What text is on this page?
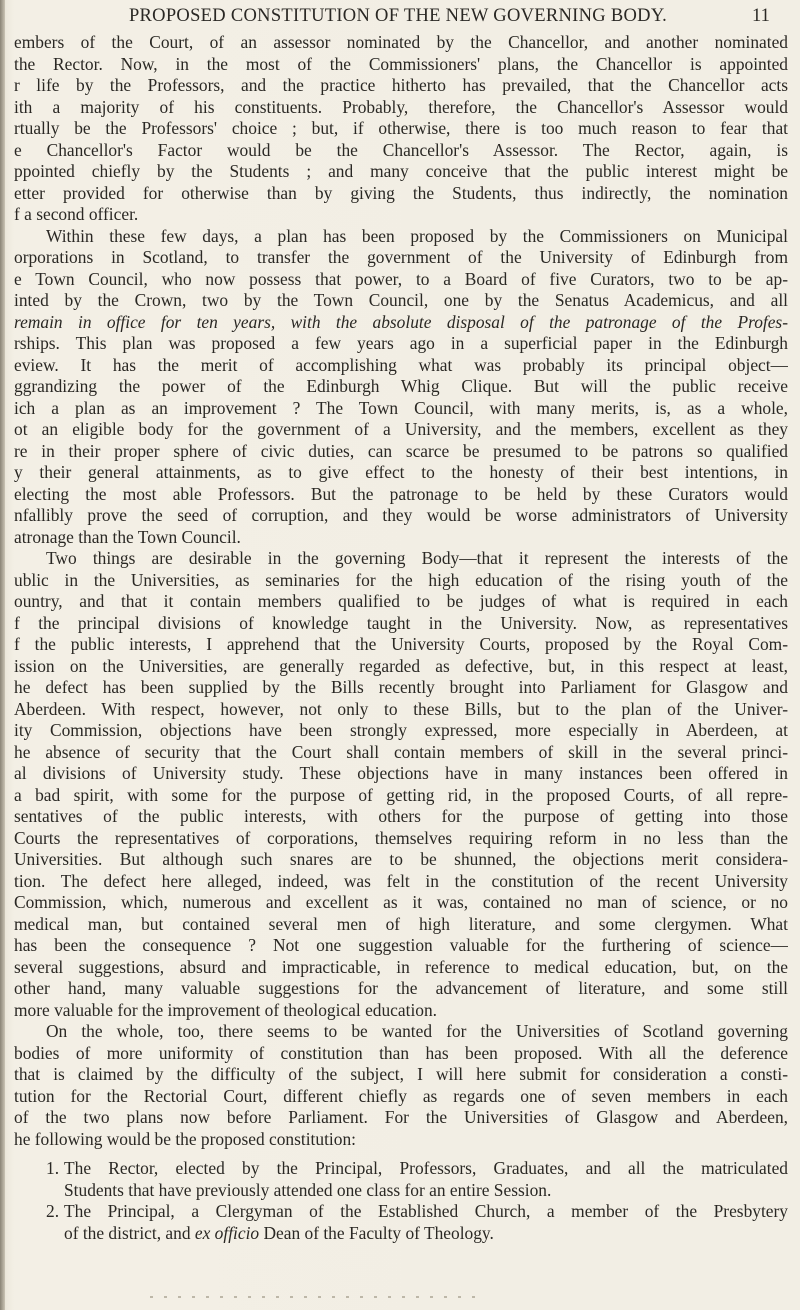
PROPOSED CONSTITUTION OF THE NEW GOVERNING BODY.	11
embers of the Court, of an assessor nominated by the Chancellor, and another nominated
the Rector. Now, in the most of the Commissioners' plans, the Chancellor is appointed
r life by the Professors, and the practice hitherto has prevailed, that the Chancellor acts
ith a majority of his constituents. Probably, therefore, the Chancellor's Assessor would
rtually be the Professors' choice ; but, if otherwise, there is too much reason to fear that
e Chancellor's Factor would be the Chancellor's Assessor. The Rector, again, is
ppointed chiefly by the Students ; and many conceive that the public interest might be
etter provided for otherwise than by giving the Students, thus indirectly, the nomination
f a second officer.
Within these few days, a plan has been proposed by the Commissioners on Municipal
orporations in Scotland, to transfer the government of the University of Edinburgh from
e Town Council, who now possess that power, to a Board of five Curators, two to be ap-
inted by the Crown, two by the Town Council, one by the Senatus Academicus, and all
remain in office for ten years, with the absolute disposal of the patronage of the Profes-
rships. This plan was proposed a few years ago in a superficial paper in the Edinburgh
eview. It has the merit of accomplishing what was probably its principal object—
ggrandizing the power of the Edinburgh Whig Clique. But will the public receive
ich a plan as an improvement ? The Town Council, with many merits, is, as a whole,
ot an eligible body for the government of a University, and the members, excellent as they
re in their proper sphere of civic duties, can scarce be presumed to be patrons so qualified
y their general attainments, as to give effect to the honesty of their best intentions, in
electing the most able Professors. But the patronage to be held by these Curators would
nfallibly prove the seed of corruption, and they would be worse administrators of University
atronage than the Town Council.
Two things are desirable in the governing Body—that it represent the interests of the
ublic in the Universities, as seminaries for the high education of the rising youth of the
ountry, and that it contain members qualified to be judges of what is required in each
f the principal divisions of knowledge taught in the University. Now, as representatives
f the public interests, I apprehend that the University Courts, proposed by the Royal Com-
ission on the Universities, are generally regarded as defective, but, in this respect at least,
he defect has been supplied by the Bills recently brought into Parliament for Glasgow and
Aberdeen. With respect, however, not only to these Bills, but to the plan of the Univer-
ity Commission, objections have been strongly expressed, more especially in Aberdeen, at
he absence of security that the Court shall contain members of skill in the several princi-
al divisions of University study. These objections have in many instances been offered in
a bad spirit, with some for the purpose of getting rid, in the proposed Courts, of all repre-
sentatives of the public interests, with others for the purpose of getting into those
Courts the representatives of corporations, themselves requiring reform in no less than the
Universities. But although such snares are to be shunned, the objections merit considera-
tion. The defect here alleged, indeed, was felt in the constitution of the recent University
Commission, which, numerous and excellent as it was, contained no man of science, or no
medical man, but contained several men of high literature, and some clergymen. What
has been the consequence ? Not one suggestion valuable for the furthering of science—
several suggestions, absurd and impracticable, in reference to medical education, but, on the
other hand, many valuable suggestions for the advancement of literature, and some still
more valuable for the improvement of theological education.
On the whole, too, there seems to be wanted for the Universities of Scotland governing
bodies of more uniformity of constitution than has been proposed. With all the deference
that is claimed by the difficulty of the subject, I will here submit for consideration a consti-
tution for the Rectorial Court, different chiefly as regards one of seven members in each
of the two plans now before Parliament. For the Universities of Glasgow and Aberdeen,
he following would be the proposed constitution:
1. The Rector, elected by the Principal, Professors, Graduates, and all the matriculated
Students that have previously attended one class for an entire Session.
2. The Principal, a Clergyman of the Established Church, a member of the Presbytery
of the district, and ex officio Dean of the Faculty of Theology.
